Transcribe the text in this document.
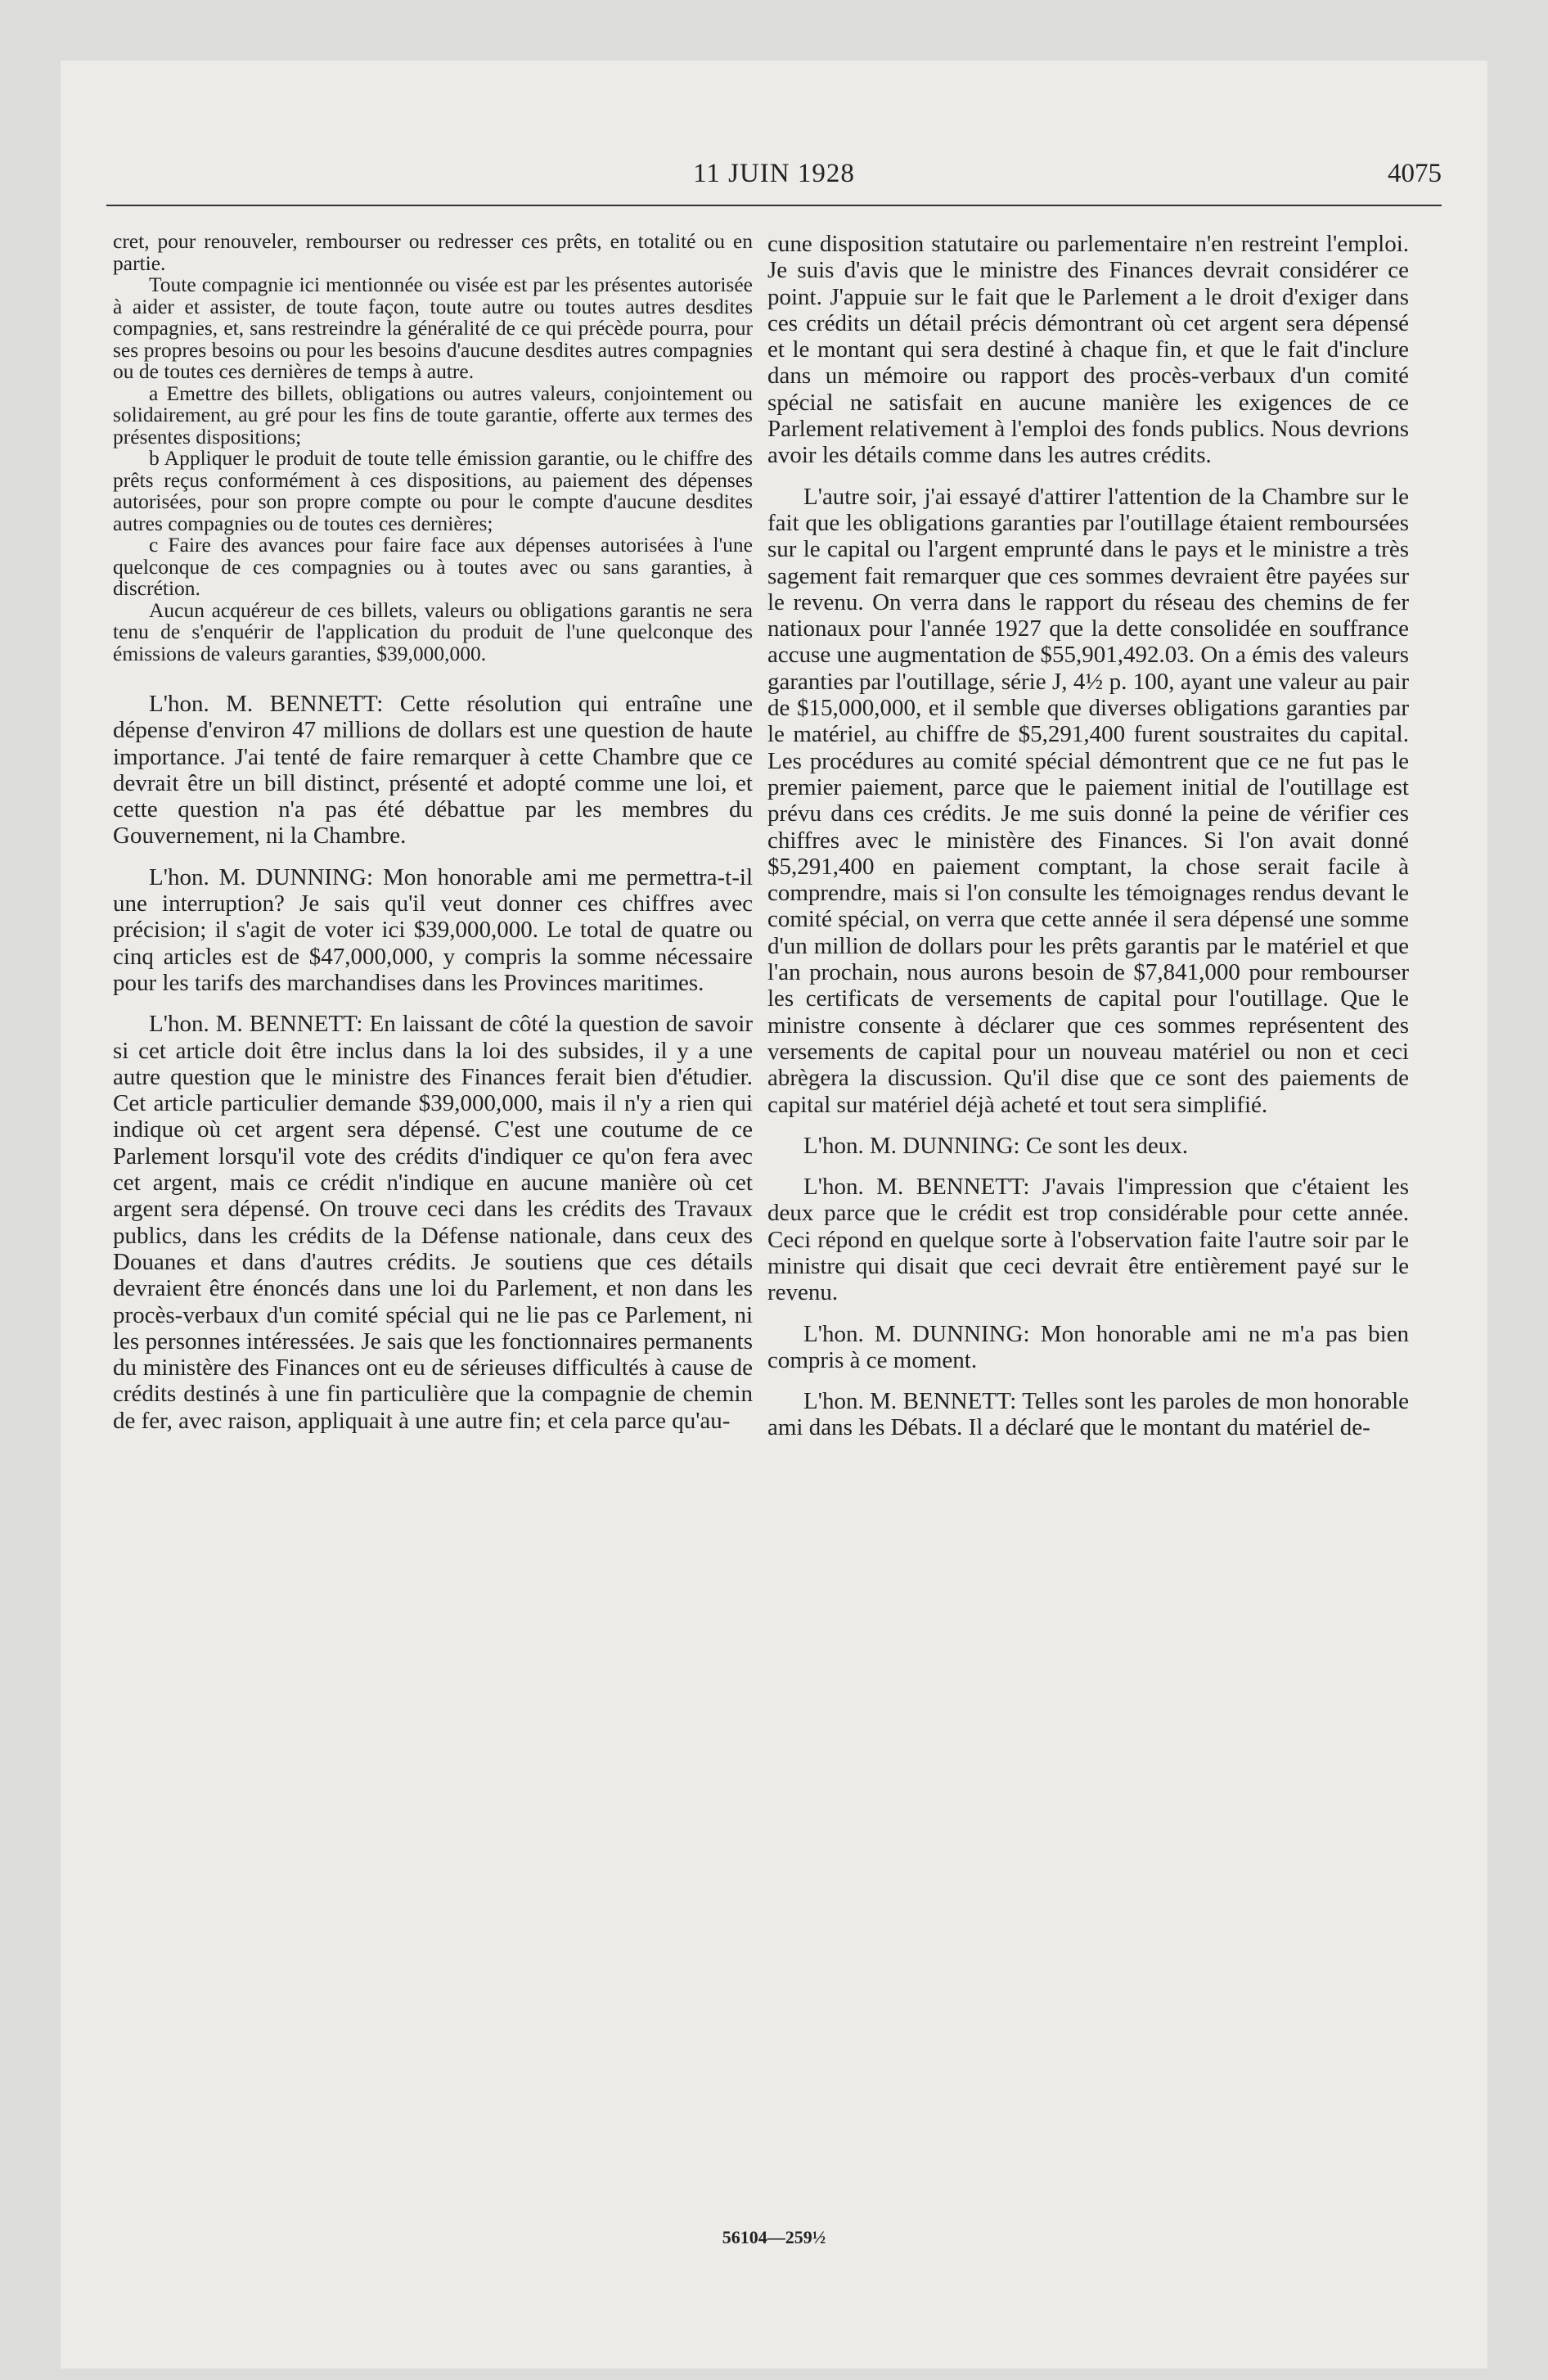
11 JUIN 1928	4075

cret, pour renouveler, rembourser ou redresser ces prêts, en totalité ou en partie.

Toute compagnie ici mentionnée ou visée est par les présentes autorisée à aider et assister, de toute façon, toute autre ou toutes autres desdites compagnies, et, sans restreindre la généralité de ce qui précède pourra, pour ses propres besoins ou pour les besoins d'aucune desdites autres compagnies ou de toutes ces dernières de temps à autre.

a Emettre des billets, obligations ou autres valeurs, conjointement ou solidairement, au gré pour les fins de toute garantie, offerte aux termes des présentes dispositions;

b Appliquer le produit de toute telle émission garantie, ou le chiffre des prêts reçus conformément à ces dispositions, au paiement des dépenses autorisées, pour son propre compte ou pour le compte d'aucune desdites autres compagnies ou de toutes ces dernières;

c Faire des avances pour faire face aux dépenses autorisées à l'une quelconque de ces compagnies ou à toutes avec ou sans garanties, à discrétion.

Aucun acquéreur de ces billets, valeurs ou obligations garantis ne sera tenu de s'enquérir de l'application du produit de l'une quelconque des émissions de valeurs garanties, $39,000,000.

L'hon. M. BENNETT: Cette résolution qui entraîne une dépense d'environ 47 millions de dollars est une question de haute importance. J'ai tenté de faire remarquer à cette Chambre que ce devrait être un bill distinct, présenté et adopté comme une loi, et cette question n'a pas été débattue par les membres du Gouvernement, ni la Chambre.

L'hon. M. DUNNING: Mon honorable ami me permettra-t-il une interruption? Je sais qu'il veut donner ces chiffres avec précision; il s'agit de voter ici $39,000,000. Le total de quatre ou cinq articles est de $47,000,000, y compris la somme nécessaire pour les tarifs des marchandises dans les Provinces maritimes.

L'hon. M. BENNETT: En laissant de côté la question de savoir si cet article doit être inclus dans la loi des subsides, il y a une autre question que le ministre des Finances ferait bien d'étudier. Cet article particulier demande $39,000,000, mais il n'y a rien qui indique où cet argent sera dépensé. C'est une coutume de ce Parlement lorsqu'il vote des crédits d'indiquer ce qu'on fera avec cet argent, mais ce crédit n'indique en aucune manière où cet argent sera dépensé. On trouve ceci dans les crédits des Travaux publics, dans les crédits de la Défense nationale, dans ceux des Douanes et dans d'autres crédits. Je soutiens que ces détails devraient être énoncés dans une loi du Parlement, et non dans les procès-verbaux d'un comité spécial qui ne lie pas ce Parlement, ni les personnes intéressées. Je sais que les fonctionnaires permanents du ministère des Finances ont eu de sérieuses difficultés à cause de crédits destinés à une fin particulière que la compagnie de chemin de fer, avec raison, appliquait à une autre fin; et cela parce qu'au-

cune disposition statutaire ou parlementaire n'en restreint l'emploi. Je suis d'avis que le ministre des Finances devrait considérer ce point. J'appuie sur le fait que le Parlement a le droit d'exiger dans ces crédits un détail précis démontrant où cet argent sera dépensé et le montant qui sera destiné à chaque fin, et que le fait d'inclure dans un mémoire ou rapport des procès-verbaux d'un comité spécial ne satisfait en aucune manière les exigences de ce Parlement relativement à l'emploi des fonds publics. Nous devrions avoir les détails comme dans les autres crédits.

L'autre soir, j'ai essayé d'attirer l'attention de la Chambre sur le fait que les obligations garanties par l'outillage étaient remboursées sur le capital ou l'argent emprunté dans le pays et le ministre a très sagement fait remarquer que ces sommes devraient être payées sur le revenu. On verra dans le rapport du réseau des chemins de fer nationaux pour l'année 1927 que la dette consolidée en souffrance accuse une augmentation de $55,901,492.03. On a émis des valeurs garanties par l'outillage, série J, 4½ p. 100, ayant une valeur au pair de $15,000,000, et il semble que diverses obligations garanties par le matériel, au chiffre de $5,291,400 furent soustraites du capital. Les procédures au comité spécial démontrent que ce ne fut pas le premier paiement, parce que le paiement initial de l'outillage est prévu dans ces crédits. Je me suis donné la peine de vérifier ces chiffres avec le ministère des Finances. Si l'on avait donné $5,291,400 en paiement comptant, la chose serait facile à comprendre, mais si l'on consulte les témoignages rendus devant le comité spécial, on verra que cette année il sera dépensé une somme d'un million de dollars pour les prêts garantis par le matériel et que l'an prochain, nous aurons besoin de $7,841,000 pour rembourser les certificats de versements de capital pour l'outillage. Que le ministre consente à déclarer que ces sommes représentent des versements de capital pour un nouveau matériel ou non et ceci abrègera la discussion. Qu'il dise que ce sont des paiements de capital sur matériel déjà acheté et tout sera simplifié.

L'hon. M. DUNNING: Ce sont les deux.

L'hon. M. BENNETT: J'avais l'impression que c'étaient les deux parce que le crédit est trop considérable pour cette année. Ceci répond en quelque sorte à l'observation faite l'autre soir par le ministre qui disait que ceci devrait être entièrement payé sur le revenu.

L'hon. M. DUNNING: Mon honorable ami ne m'a pas bien compris à ce moment.

L'hon. M. BENNETT: Telles sont les paroles de mon honorable ami dans les Débats. Il a déclaré que le montant du matériel de-

56104—259½
